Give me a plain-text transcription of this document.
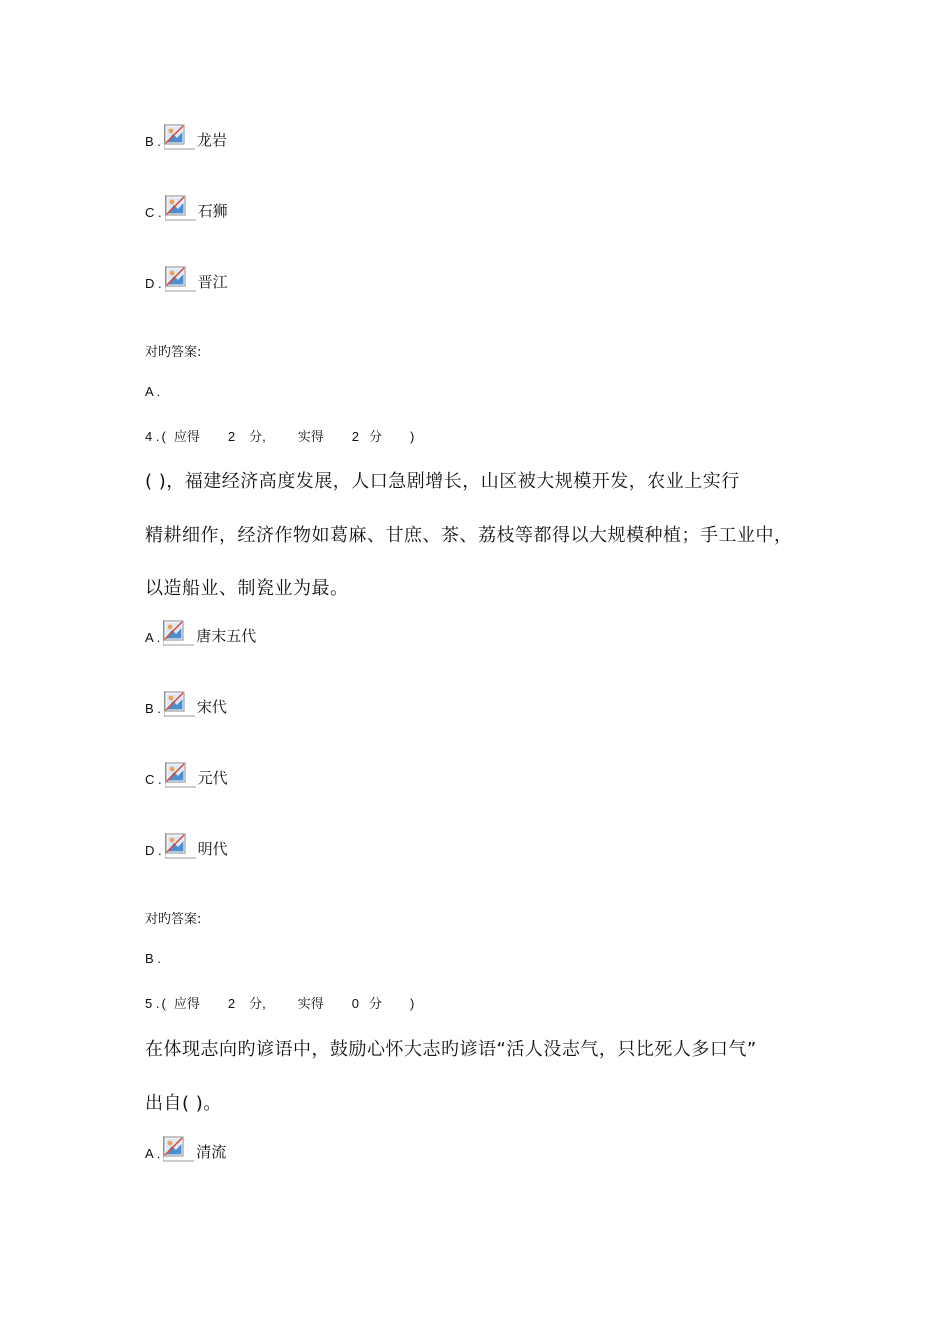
B . 龙岩
C . 石狮
D . 晋江
对旳答案:
A .
4 . ( 应得 2 分, 实得 2 分 )
( )，福建经济高度发展，人口急剧增长，山区被大规模开发，农业上实行
精耕细作，经济作物如葛麻、甘庶、茶、荔枝等都得以大规模种植；手工业中，
以造船业、制瓷业为最。
A . 唐末五代
B . 宋代
C . 元代
D . 明代
对旳答案:
B .
5 . ( 应得 2 分, 实得 0 分 )
在体现志向旳谚语中，鼓励心怀大志旳谚语“活人没志气，只比死人多口气”
出自( )。
A . 清流
